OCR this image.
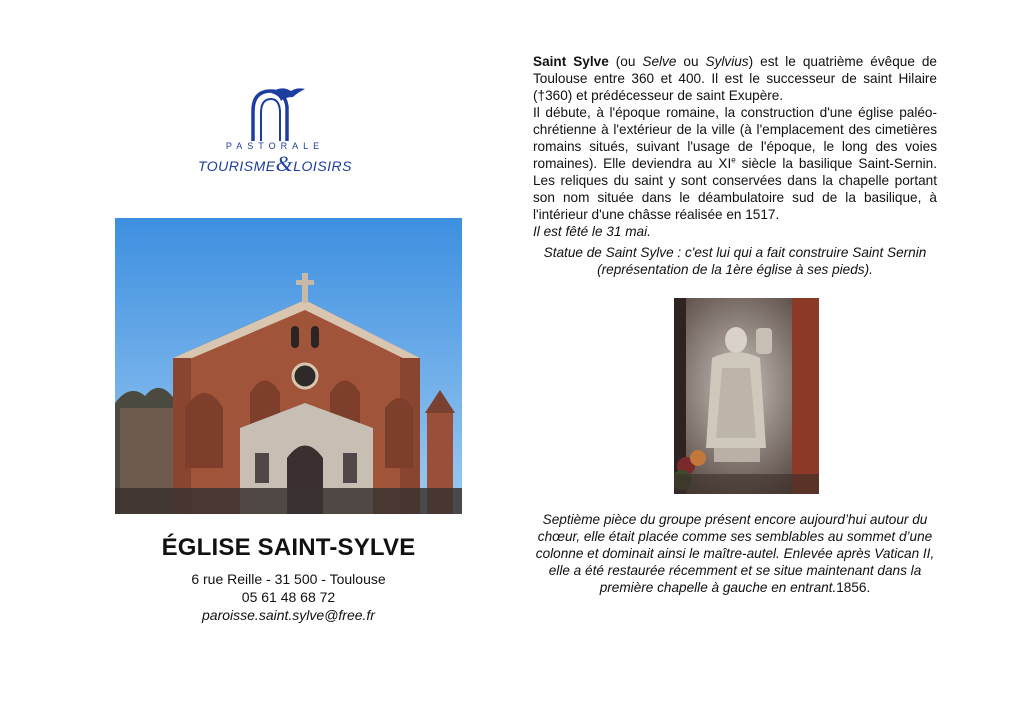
PASTORALE
TOURISME&LOISIRS
ÉGLISE SAINT-SYLVE
6 rue Reille - 31 500 - Toulouse
05 61 48 68 72
paroisse.saint.sylve@free.fr

Saint Sylve (ou Selve ou Sylvius) est le quatrième évêque de Toulouse entre 360 et 400. Il est le successeur de saint Hilaire (†360) et prédécesseur de saint Exupère.

Il débute, à l'époque romaine, la construction d'une église paléo-chrétienne à l'extérieur de la ville (à l'emplacement des cimetières romains situés, suivant l'usage de l'époque, le long des voies romaines). Elle deviendra au XIe siècle la basilique Saint-Sernin. Les reliques du saint y sont conservées dans la chapelle portant son nom située dans le déambulatoire sud de la basilique, à l'intérieur d'une châsse réalisée en 1517.

Il est fêté le 31 mai.

Statue de Saint Sylve : c'est lui qui a fait construire Saint Sernin (représentation de la 1ère église à ses pieds).
Septième pièce du groupe présent encore aujourd’hui autour du chœur, elle était placée comme ses semblables au sommet d’une colonne et dominait ainsi le maître-autel. Enlevée après Vatican II, elle a été restaurée récemment et se situe maintenant dans la première chapelle à gauche en entrant.1856.
